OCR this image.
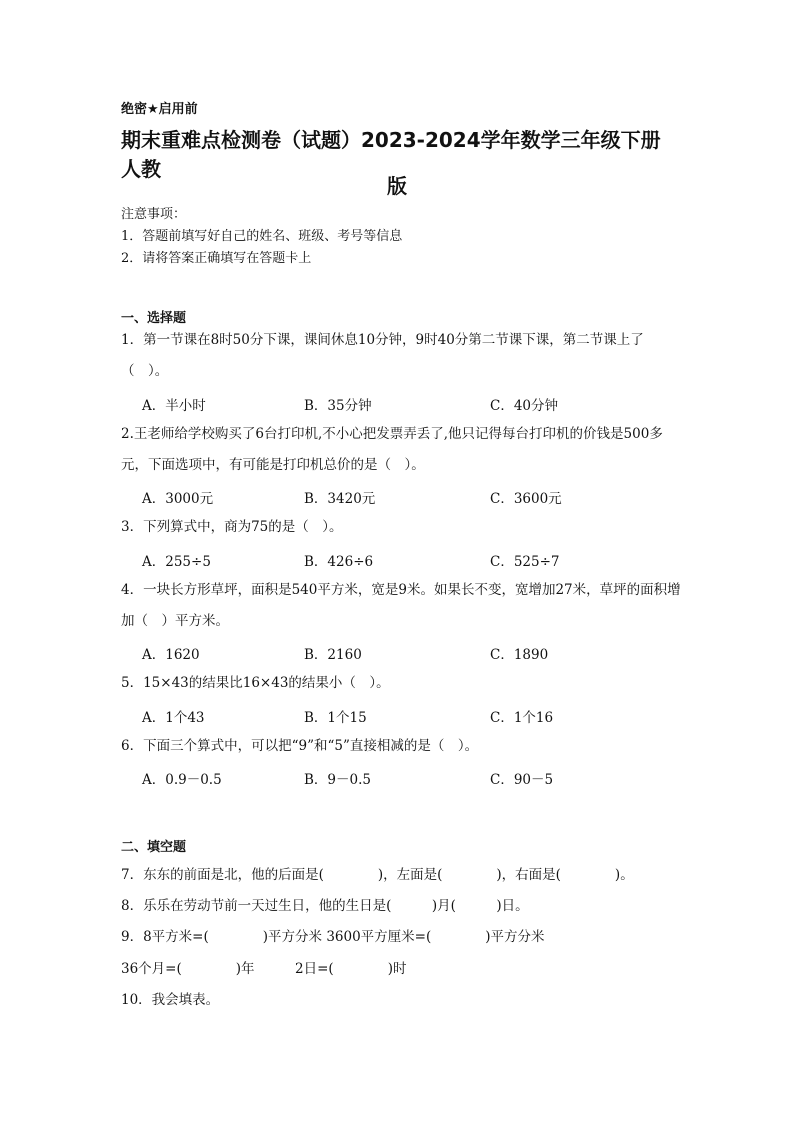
绝密★启用前
期末重难点检测卷（试题）2023-2024学年数学三年级下册人教
版
注意事项：
1．答题前填写好自己的姓名、班级、考号等信息
2．请将答案正确填写在答题卡上
一、选择题
1．第一节课在8时50分下课，课间休息10分钟，9时40分第二节课下课，第二节课上了（　）。
A．半小时	B．35分钟	C．40分钟
2.王老师给学校购买了6台打印机,不小心把发票弄丢了,他只记得每台打印机的价钱是500多元，下面选项中，有可能是打印机总价的是（　）。
A．3000元	B．3420元	C．3600元
3．下列算式中，商为75的是（　）。
A．255÷5	B．426÷6	C．525÷7
4．一块长方形草坪，面积是540平方米，宽是9米。如果长不变，宽增加27米，草坪的面积增加（　）平方米。
A．1620	B．2160	C．1890
5．15×43的结果比16×43的结果小（　）。
A．1个43	B．1个15	C．1个16
6．下面三个算式中，可以把“9”和“5”直接相减的是（　）。
A．0.9－0.5	B．9－0.5	C．90－5
二、填空题
7．东东的前面是北，他的后面是(　　　　)，左面是(　　　　)，右面是(　　　　)。
8．乐乐在劳动节前一天过生日，他的生日是(　　　)月(　　　)日。
9．8平方米=(　　　　)平方分米 3600平方厘米=(　　　　)平方分米
36个月=(　　　　)年　　　2日=(　　　　)时
10．我会填表。
